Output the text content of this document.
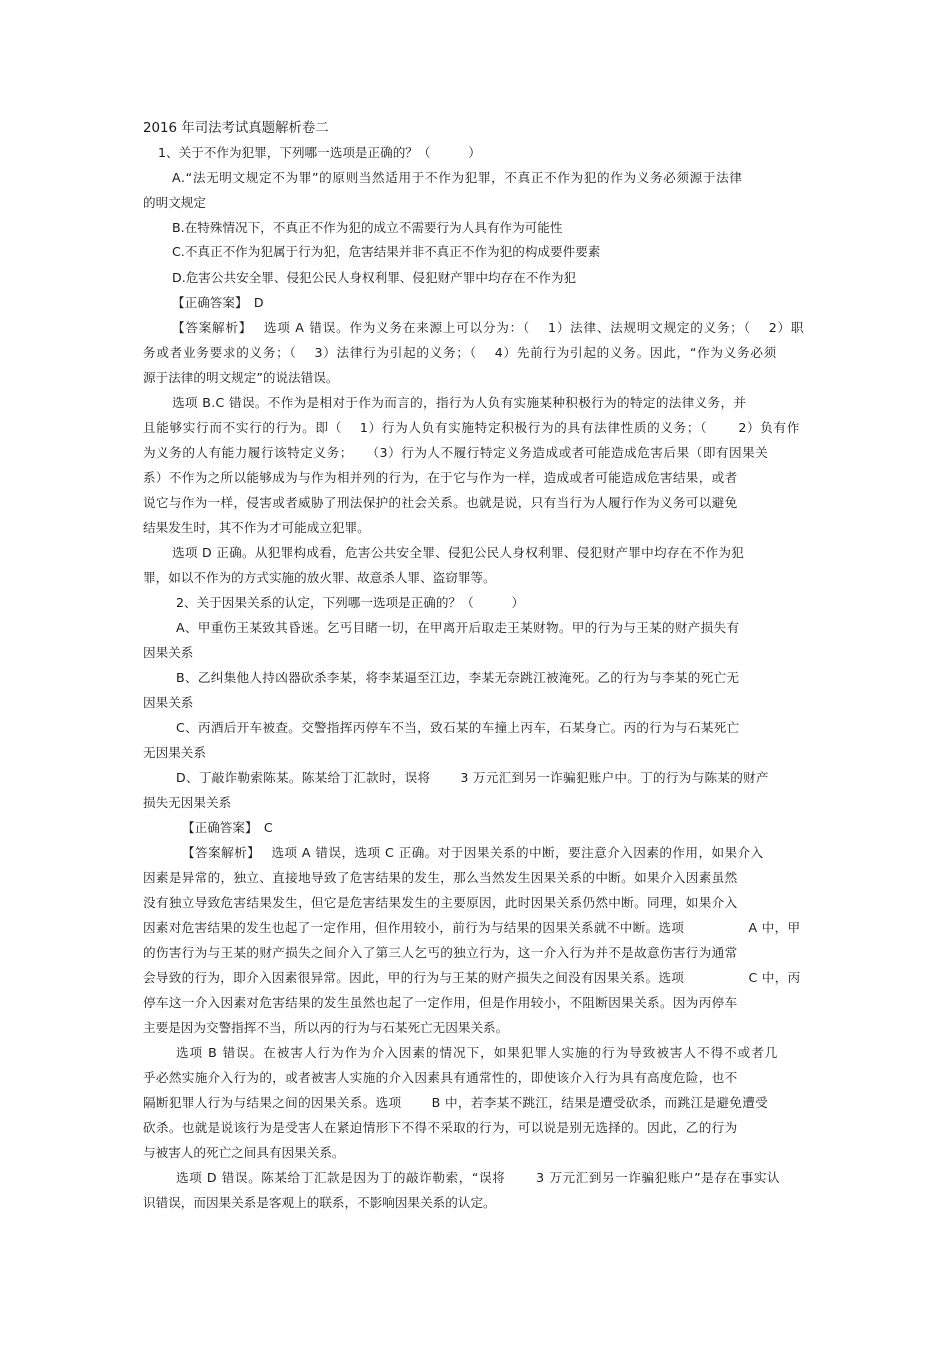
2016 年司法考试真题解析卷二
1、关于不作为犯罪，下列哪一选项是正确的？（　　　）
A.“法无明文规定不为罪”的原则当然适用于不作为犯罪，不真正不作为犯的作为义务必须源于法律
的明文规定
B.在特殊情况下，不真正不作为犯的成立不需要行为人具有作为可能性
C.不真正不作为犯属于行为犯，危害结果并非不真正不作为犯的构成要件要素
D.危害公共安全罪、侵犯公民人身权利罪、侵犯财产罪中均存在不作为犯
【正确答案】　D
【答案解析】　 选项 A 错误。作为义务在来源上可以分为：（　 1）法律、法规明文规定的义务；（　 2）职
务或者业务要求的义务；（　 3）法律行为引起的义务；（　 4）先前行为引起的义务。因此，“作为义务必须
源于法律的明文规定”的说法错误。
选项 B.C 错误。不作为是相对于作为而言的，指行为人负有实施某种积极行为的特定的法律义务，并
且能够实行而不实行的行为。即（　 1）行为人负有实施特定积极行为的具有法律性质的义务；（　　 2）负有作
为义务的人有能力履行该特定义务；　　（3）行为人不履行特定义务造成或者可能造成危害后果（即有因果关
系）不作为之所以能够成为与作为相并列的行为，在于它与作为一样，造成或者可能造成危害结果，或者
说它与作为一样，侵害或者威胁了刑法保护的社会关系。也就是说，只有当行为人履行作为义务可以避免
结果发生时，其不作为才可能成立犯罪。
选项 D 正确。从犯罪构成看，危害公共安全罪、侵犯公民人身权利罪、侵犯财产罪中均存在不作为犯
罪，如以不作为的方式实施的放火罪、故意杀人罪、盗窃罪等。
2、关于因果关系的认定，下列哪一选项是正确的？（　　　）
A、甲重伤王某致其昏迷。乞丐目睹一切，在甲离开后取走王某财物。甲的行为与王某的财产损失有
因果关系
B、乙纠集他人持凶器砍杀李某，将李某逼至江边，李某无奈跳江被淹死。乙的行为与李某的死亡无
因果关系
C、丙酒后开车被查。交警指挥丙停车不当，致石某的车撞上丙车，石某身亡。丙的行为与石某死亡
无因果关系
D、丁敲诈勒索陈某。陈某给丁汇款时，误将　　 3 万元汇到另一诈骗犯账户中。丁的行为与陈某的财产
损失无因果关系
【正确答案】　C
【答案解析】　 选项 A 错误，选项 C 正确。对于因果关系的中断，要注意介入因素的作用，如果介入
因素是异常的，独立、直接地导致了危害结果的发生，那么当然发生因果关系的中断。如果介入因素虽然
没有独立导致危害结果发生，但它是危害结果发生的主要原因，此时因果关系仍然中断。同理，如果介入
因素对危害结果的发生也起了一定作用，但作用较小，前行为与结果的因果关系就不中断。选项　　　　　A 中，甲
的伤害行为与王某的财产损失之间介入了第三人乞丐的独立行为，这一介入行为并不是故意伤害行为通常
会导致的行为，即介入因素很异常。因此，甲的行为与王某的财产损失之间没有因果关系。选项　　　　　C 中，丙
停车这一介入因素对危害结果的发生虽然也起了一定作用，但是作用较小，不阻断因果关系。因为丙停车
主要是因为交警指挥不当，所以丙的行为与石某死亡无因果关系。
选项 B 错误。在被害人行为作为介入因素的情况下，如果犯罪人实施的行为导致被害人不得不或者几
乎必然实施介入行为的，或者被害人实施的介入因素具有通常性的，即使该介入行为具有高度危险，也不
隔断犯罪人行为与结果之间的因果关系。选项　　 B 中，若李某不跳江，结果是遭受砍杀，而跳江是避免遭受
砍杀。也就是说该行为是受害人在紧迫情形下不得不采取的行为，可以说是别无选择的。因此，乙的行为
与被害人的死亡之间具有因果关系。
选项 D 错误。陈某给丁汇款是因为丁的敲诈勒索，“误将　　 3 万元汇到另一诈骗犯账户”是存在事实认
识错误，而因果关系是客观上的联系，不影响因果关系的认定。
